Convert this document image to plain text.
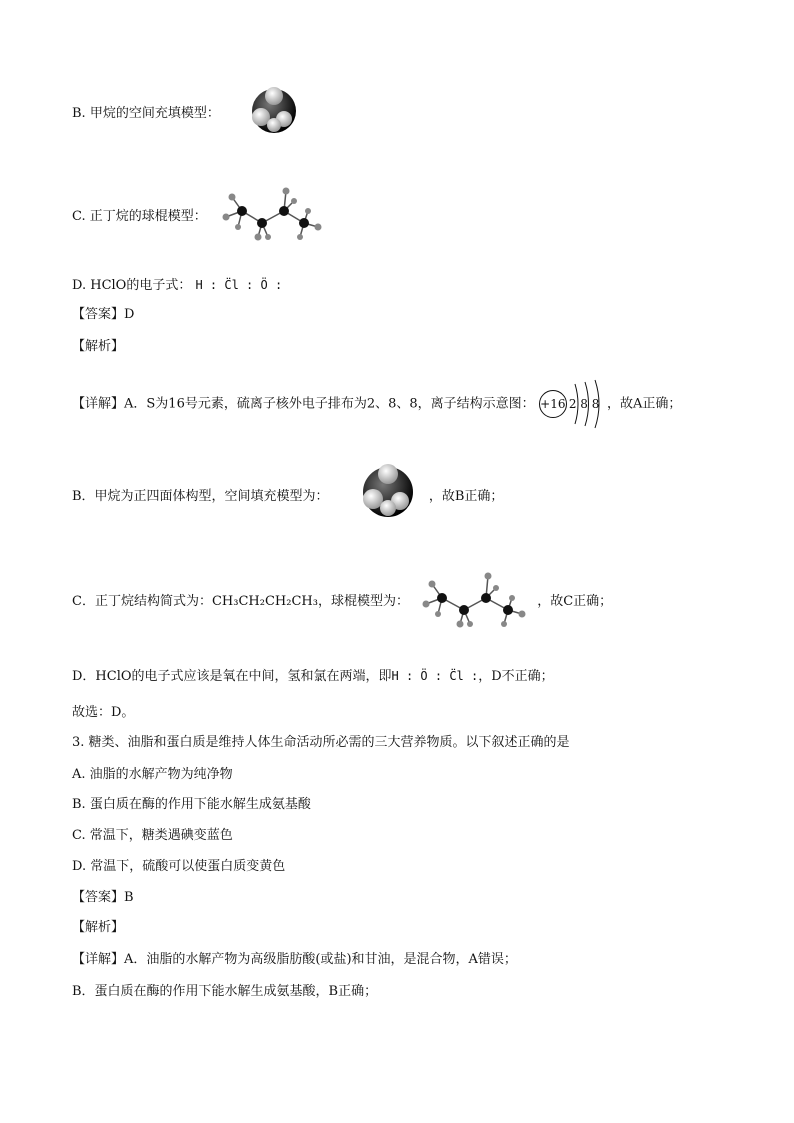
B. 甲烷的空间充填模型：
C. 正丁烷的球棍模型：
D. HClO的电子式： H : C̈l : Ö :
【答案】D
【解析】
【详解】A．S为16号元素，硫离子核外电子排布为2、8、8，离子结构示意图： +16 2 8 8 ，故A正确；
B．甲烷为正四面体构型，空间填充模型为：	，故B正确；
C．正丁烷结构简式为：CH₃CH₂CH₂CH₃，球棍模型为：	，故C正确；
D．HClO的电子式应该是氧在中间，氢和氯在两端，即H : Ö : C̈l :，D不正确；
故选：D。
3. 糖类、油脂和蛋白质是维持人体生命活动所必需的三大营养物质。以下叙述正确的是
A. 油脂的水解产物为纯净物
B. 蛋白质在酶的作用下能水解生成氨基酸
C. 常温下，糖类遇碘变蓝色
D. 常温下，硫酸可以使蛋白质变黄色
【答案】B
【解析】
【详解】A．油脂的水解产物为高级脂肪酸(或盐)和甘油，是混合物，A错误；
B．蛋白质在酶的作用下能水解生成氨基酸，B正确；
